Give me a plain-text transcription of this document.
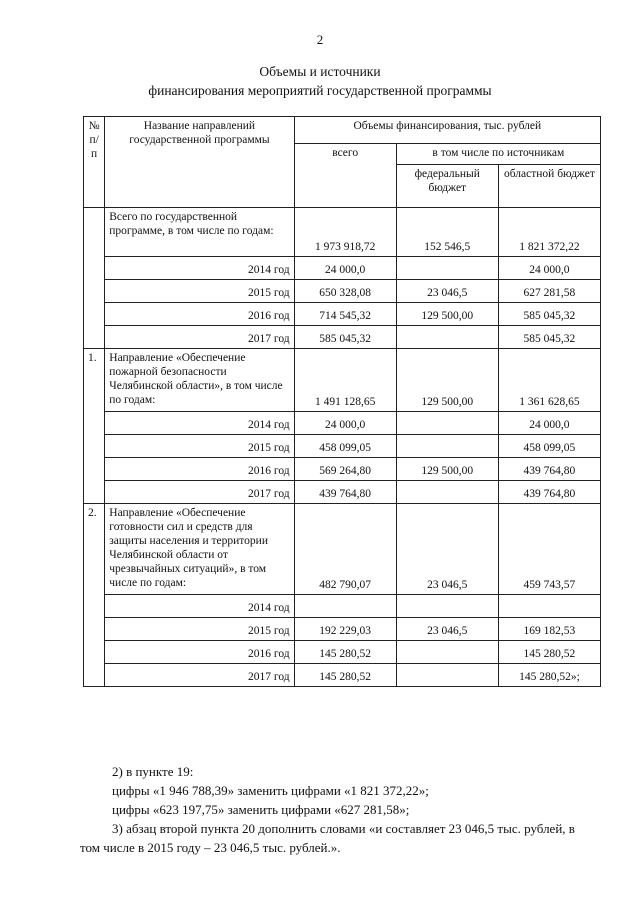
2
Объемы и источники
финансирования мероприятий государственной программы
№ п/п	Название направлений государственной программы	Объемы финансирования, тыс. рублей		
		всего	в том числе по источникам	
			федеральный бюджет	областной бюджет
	Всего по государственной программе, в том числе по годам:	1 973 918,72	152 546,5	1 821 372,22
	2014 год	24 000,0		24 000,0
	2015 год	650 328,08	23 046,5	627 281,58
	2016 год	714 545,32	129 500,00	585 045,32
	2017 год	585 045,32		585 045,32
1.	Направление «Обеспечение пожарной безопасности Челябинской области», в том числе по годам:	1 491 128,65	129 500,00	1 361 628,65
	2014 год	24 000,0		24 000,0
	2015 год	458 099,05		458 099,05
	2016 год	569 264,80	129 500,00	439 764,80
	2017 год	439 764,80		439 764,80
2.	Направление «Обеспечение готовности сил и средств для защиты населения и территории Челябинской области от чрезвычайных ситуаций», в том числе по годам:	482 790,07	23 046,5	459 743,57
	2014 год			
	2015 год	192 229,03	23 046,5	169 182,53
	2016 год	145 280,52		145 280,52
	2017 год	145 280,52		145 280,52»;

2) в пункте 19:

цифры «1 946 788,39» заменить цифрами «1 821 372,22»;

цифры «623 197,75» заменить цифрами «627 281,58»;

3) абзац второй пункта 20 дополнить словами «и составляет 23 046,5 тыс. рублей, в том числе в 2015 году – 23 046,5 тыс. рублей.».
